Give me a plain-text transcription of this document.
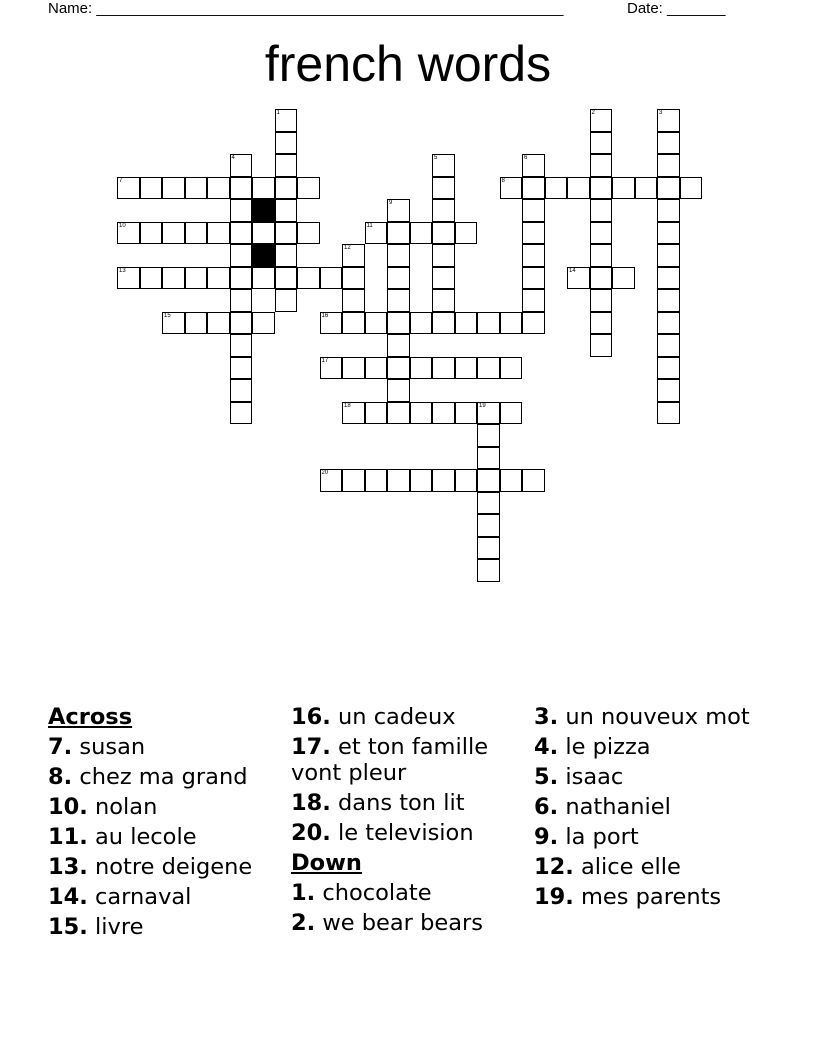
Name: ________________________________________________________	Date: _______
french words
7	8
10	11
13	14
15	16
17
18	19
20
1	2	3
4	5	6
9
12
Across
7. susan
8. chez ma grand
10. nolan
11. au lecole
13. notre deigene
14. carnaval
15. livre
16. un cadeux
17. et ton famille vont pleur
18. dans ton lit
20. le television
Down
1. chocolate
2. we bear bears
3. un nouveux mot
4. le pizza
5. isaac
6. nathaniel
9. la port
12. alice elle
19. mes parents
